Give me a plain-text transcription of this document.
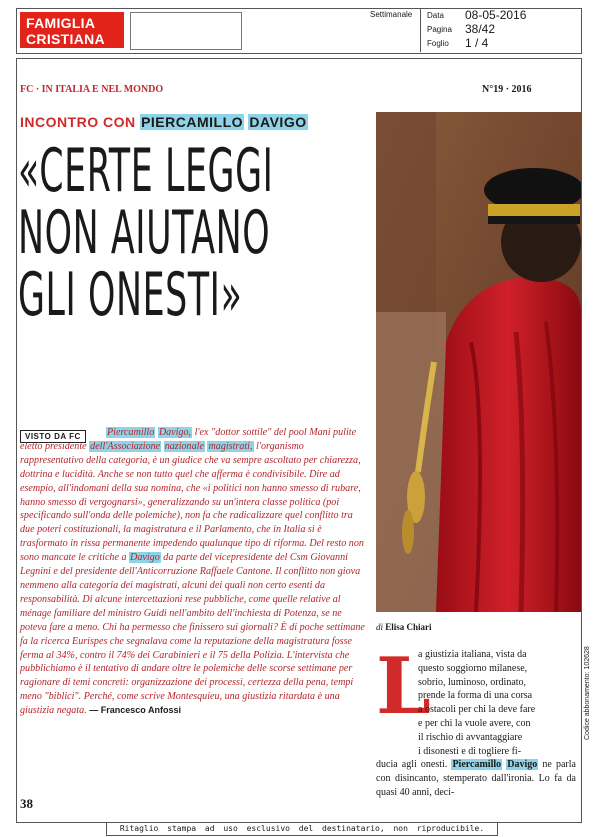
FAMIGLIA
CRISTIANA
Settimanale Data 08-05-2016
Pagina 38/42
Foglio 1 / 4
FC · IN ITALIA E NEL MONDO	N°19 · 2016
INCONTRO CON PIERCAMILLO DAVIGO
«CERTE LEGGI
NON AIUTANO
GLI ONESTI»
di Elisa Chiari
Piercamillo Davigo, l'ex "dottor sottile" del pool Mani pulite eletto presidente dell'Associazione nazionale magistrati, l'organismo rappresentativo della categoria, è un giudice che va sempre ascoltato per chiarezza, dottrina e lucidità. Anche se non tutto quel che afferma è condivisibile. Dire ad esempio, all'indomani della sua nomina, che «i politici non hanno smesso di rubare, hanno smesso di vergognarsi», generalizzando su un'intera classe politica (poi specificando sull'onda delle polemiche), non fa che radicalizzare quel conflitto tra due poteri costituzionali, la magistratura e il Parlamento, che in Italia si è trasformato in rissa permanente impedendo qualunque tipo di riforma. Del resto non sono mancate le critiche a Davigo da parte del vicepresidente del Csm Giovanni Legnini e del presidente dell'Anticorruzione Raffaele Cantone. Il conflitto non giova nemmeno alla categoria dei magistrati, alcuni dei quali non certo esenti da responsabilità. Di alcune intercettazioni rese pubbliche, come quelle relative al ménage familiare del ministro Guidi nell'ambito dell'inchiesta di Potenza, se ne poteva fare a meno. Chi ha permesso che finissero sui giornali? È di poche settimane fa la ricerca Eurispes che segnalava come la reputazione della magistratura fosse ferma al 34%, contro il 74% dei Carabinieri e il 75 della Polizia. L'intervista che pubblichiamo è il tentativo di andare oltre le polemiche delle scorse settimane per ragionare di temi concreti: organizzazione dei processi, certezza della pena, tempi meno "biblici". Perché, come scrive Montesquieu, una giustizia ritardata è una giustizia negata. — Francesco Anfossi
VISTO DA FC
L
a giustizia italiana, vista da
questo soggiorno milanese,
sobrio, luminoso, ordinato,
prende la forma di una corsa
a ostacoli per chi la deve fare
e per chi la vuole avere, con
il rischio di avvantaggiare
i disonesti e di togliere fi-
ducia agli onesti. Piercamillo Davigo ne parla con disincanto, stemperato dall'ironia. Lo fa da quasi 40 anni, deci-
38
Ritaglio stampa ad uso esclusivo del destinatario, non riproducibile.
Codice abbonamento: 102628
